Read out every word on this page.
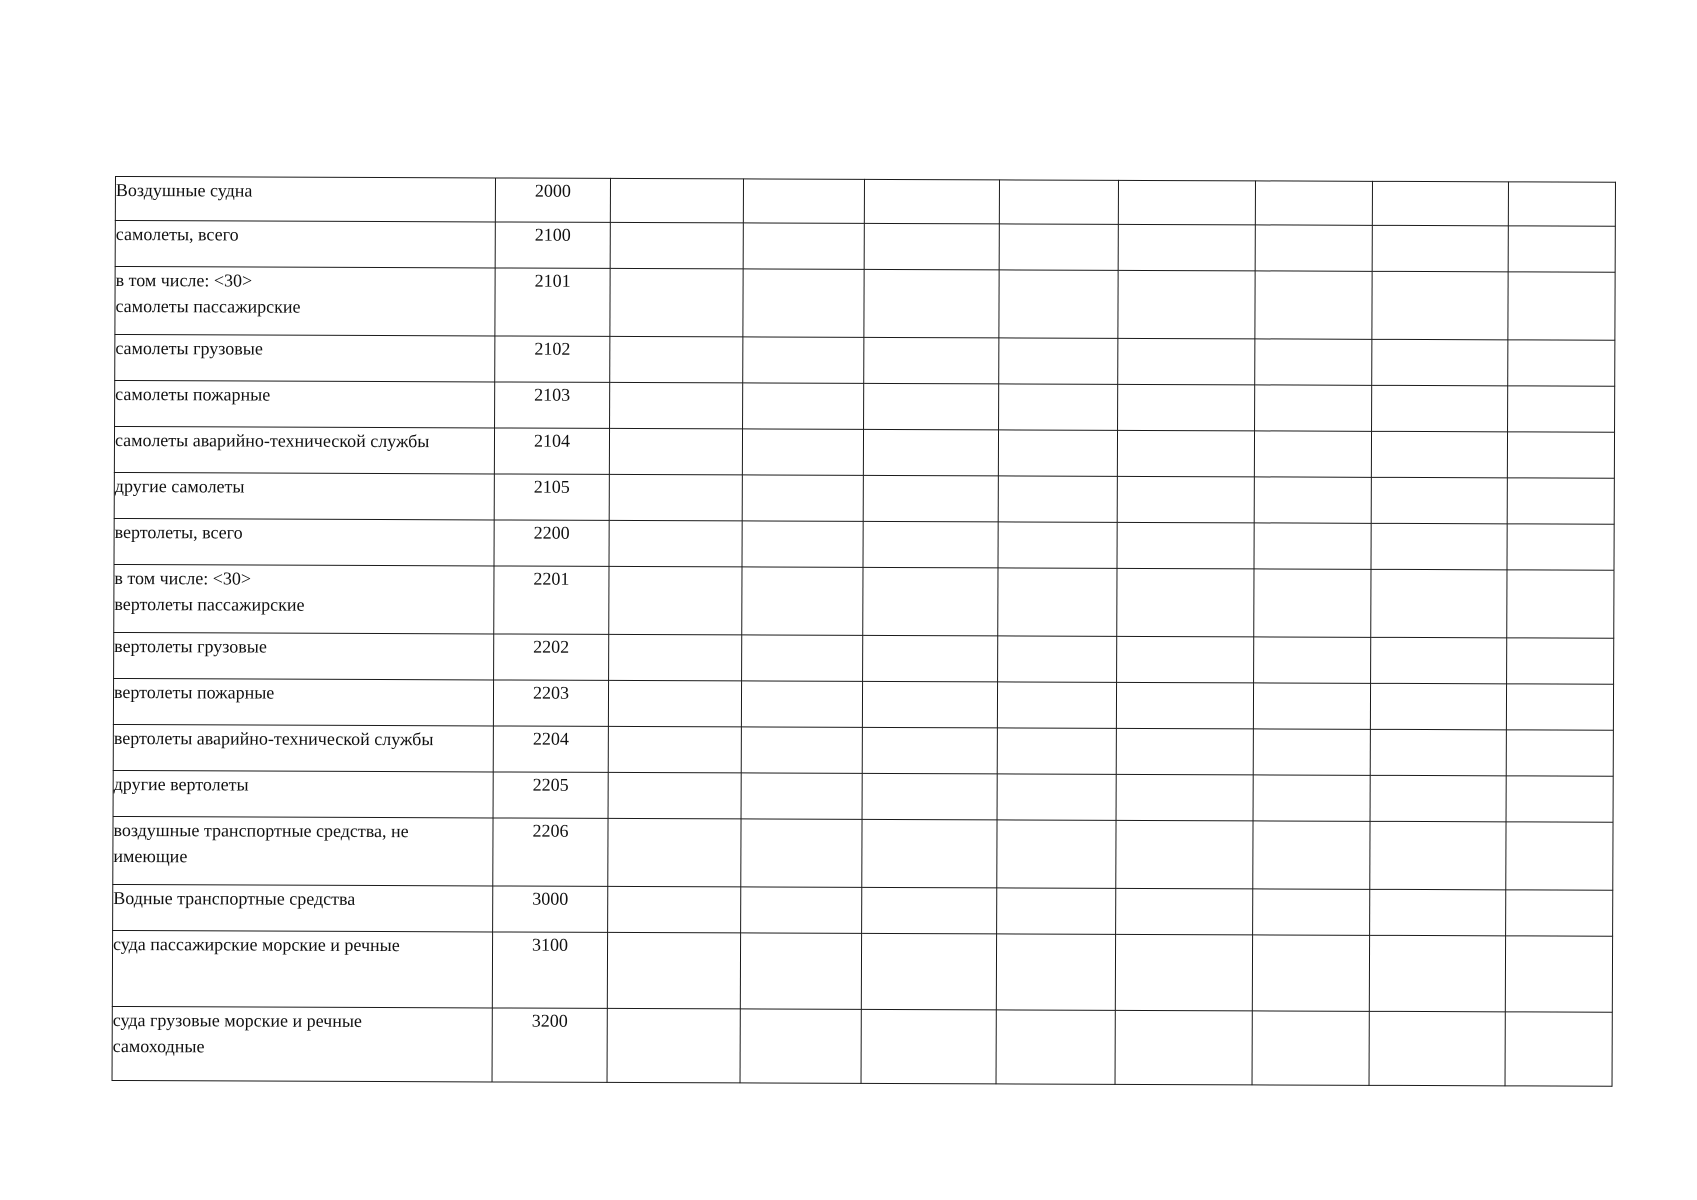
Воздушные судна	2000								
самолеты, всего	2100								
в том числе: <30>
самолеты пассажирские	2101								
самолеты грузовые	2102								
самолеты пожарные	2103								
самолеты аварийно-технической службы	2104								
другие самолеты	2105								
вертолеты, всего	2200								
в том числе: <30>
вертолеты пассажирские	2201								
вертолеты грузовые	2202								
вертолеты пожарные	2203								
вертолеты аварийно-технической службы	2204								
другие вертолеты	2205								
воздушные транспортные средства, не
имеющие	2206								
Водные транспортные средства	3000								
суда пассажирские морские и речные	3100								
суда грузовые морские и речные
самоходные	3200								
